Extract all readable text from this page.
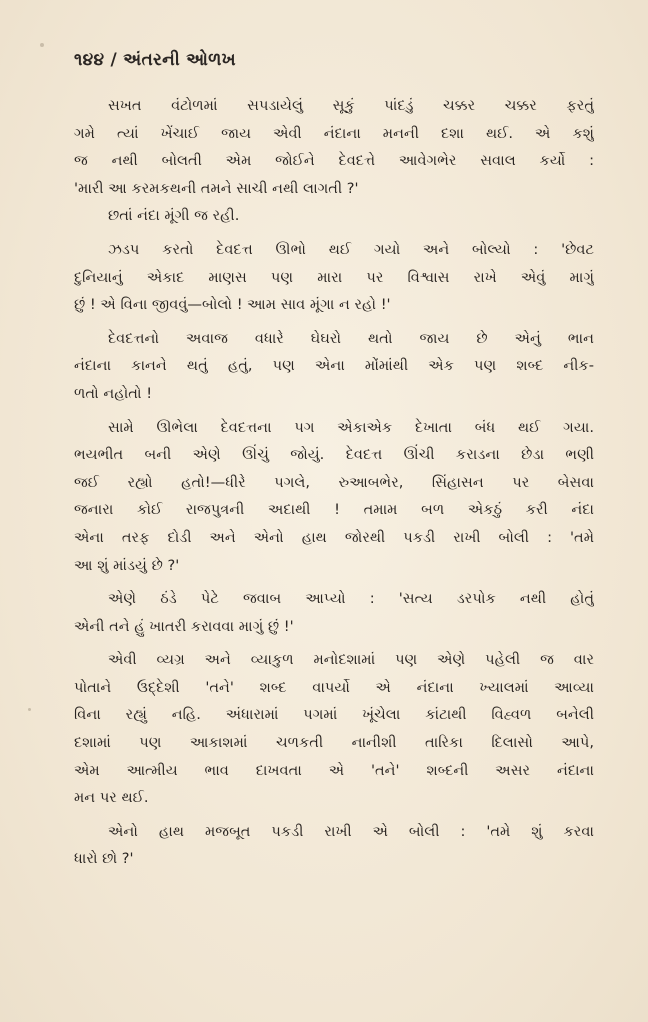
૧૪૪ / અંતરની ઓળખ
સખત વંટોળમાં સપડાયેલું સૂકું પાંદડું ચક્કર ચક્કર ફરતું
ગમે ત્યાં ખેંચાઈ જાય એવી નંદાના મનની દશા થઈ. એ કશું
જ નથી બોલતી એમ જોઈને દેવદત્તે આવેગભેર સવાલ કર્યો :
'મારી આ કરમકથની તમને સાચી નથી લાગતી ?'
છતાં નંદા મૂંગી જ રહી.
ઝડપ કરતો દેવદત્ત ઊભો થઈ ગયો અને બોલ્યો : 'છેવટ
દુનિયાનું એકાદ માણસ પણ મારા પર વિશ્વાસ રાખે એવું માગું
છું ! એ વિના જીવવું—બોલો ! આમ સાવ મૂંગા ન રહો !'
દેવદત્તનો અવાજ વધારે ઘેઘરો થતો જાય છે એનું ભાન
નંદાના કાનને થતું હતું, પણ એના મોંમાંથી એક પણ શબ્દ નીક-
ળતો નહોતો !
સામે ઊભેલા દેવદત્તના પગ એકાએક દેખાતા બંધ થઈ ગયા.
ભયભીત બની એણે ઊંચું જોયું. દેવદત્ત ઊંચી કરાડના છેડા ભણી
જઈ રહ્યો હતો!—ધીરે પગલે, રુઆબભેર, સિંહાસન પર બેસવા
જનારા કોઈ રાજપુત્રની અદાથી ! તમામ બળ એકઠું કરી નંદા
એના તરફ દોડી અને એનો હાથ જોરથી પકડી રાખી બોલી : 'તમે
આ શું માંડયું છે ?'
એણે ઠંડે પેટે જવાબ આપ્યો : 'સત્ય ડરપોક નથી હોતું
એની તને હું ખાતરી કરાવવા માગું છું !'
એવી વ્યગ્ર અને વ્યાકુળ મનોદશામાં પણ એણે પહેલી જ વાર
પોતાને ઉદ્દેશી 'તને' શબ્દ વાપર્યો એ નંદાના ખ્યાલમાં આવ્યા
વિના રહ્યું નહિ. અંધારામાં પગમાં ખૂંચેલા કાંટાથી વિહ્વળ બનેલી
દશામાં પણ આકાશમાં ચળકતી નાનીશી તારિકા દિલાસો આપે,
એમ આત્મીય ભાવ દાખવતા એ 'તને' શબ્દની અસર નંદાના
મન પર થઈ.
એનો હાથ મજબૂત પકડી રાખી એ બોલી : 'તમે શું કરવા
ધારો છો ?'
